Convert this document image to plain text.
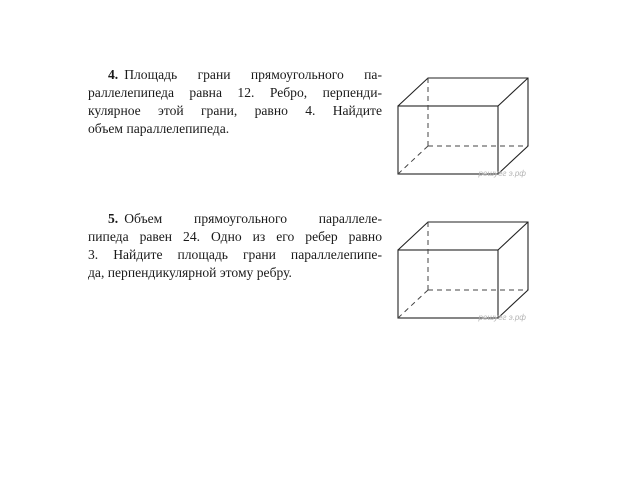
4. Площадь грани прямоугольного па-
раллелепипеда равна 12. Ребро, перпенди-
кулярное этой грани, равно 4. Найдите
объем параллелепипеда.
решуег э.рф
5. Объем прямоугольного параллеле-
пипеда равен 24. Одно из его ребер равно
3. Найдите площадь грани параллелепипе-
да, перпендикулярной этому ребру.
решуег э.рф
